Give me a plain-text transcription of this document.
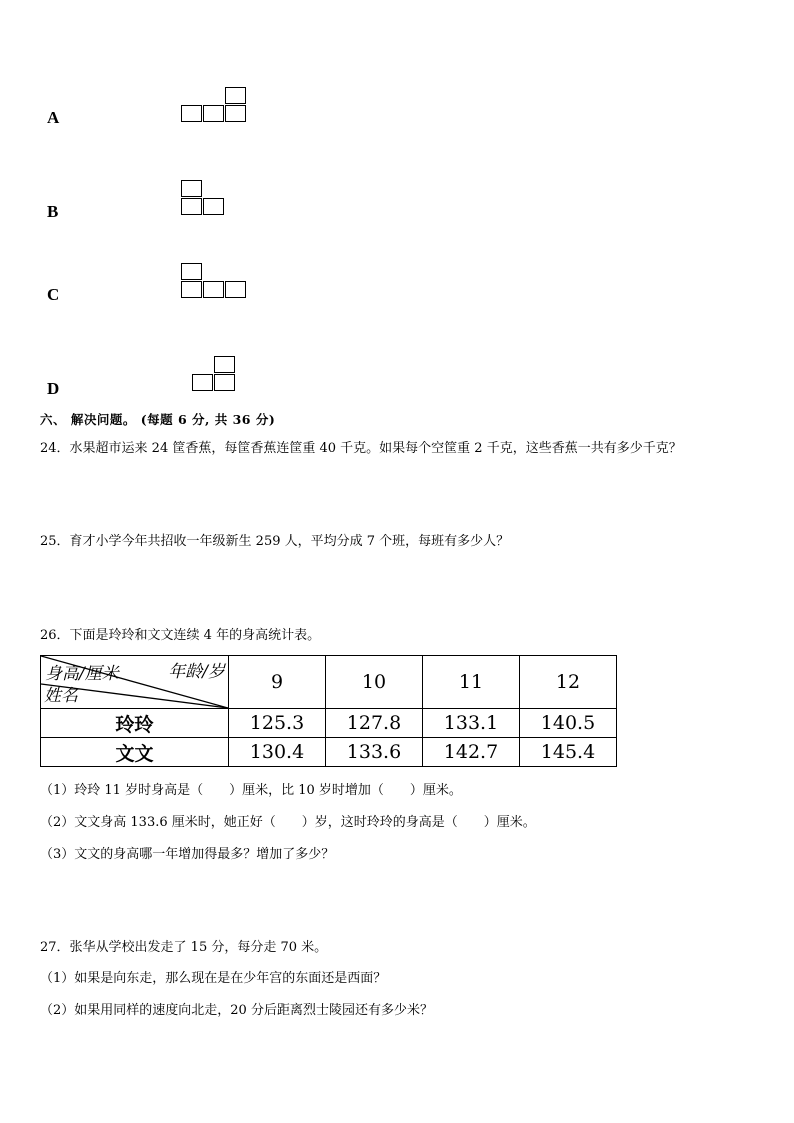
A
B
C
D
六、 解决问题。 (每题 6 分, 共 36 分)
24．水果超市运来 24 筐香蕉，每筐香蕉连筐重 40 千克。如果每个空筐重 2 千克，这些香蕉一共有多少千克？
25．育才小学今年共招收一年级新生 259 人，平均分成 7 个班，每班有多少人？
26．下面是玲玲和文文连续 4 年的身高统计表。
身高/厘米 年龄/岁
姓名	9	10	11	12
玲玲	125.3	127.8	133.1	140.5
文文	130.4	133.6	142.7	145.4
（1）玲玲 11 岁时身高是（　　）厘米，比 10 岁时增加（　　）厘米。
（2）文文身高 133.6 厘米时，她正好（　　）岁，这时玲玲的身高是（　　）厘米。
（3）文文的身高哪一年增加得最多？增加了多少？
27．张华从学校出发走了 15 分，每分走 70 米。
（1）如果是向东走，那么现在是在少年宫的东面还是西面？
（2）如果用同样的速度向北走，20 分后距离烈士陵园还有多少米？
